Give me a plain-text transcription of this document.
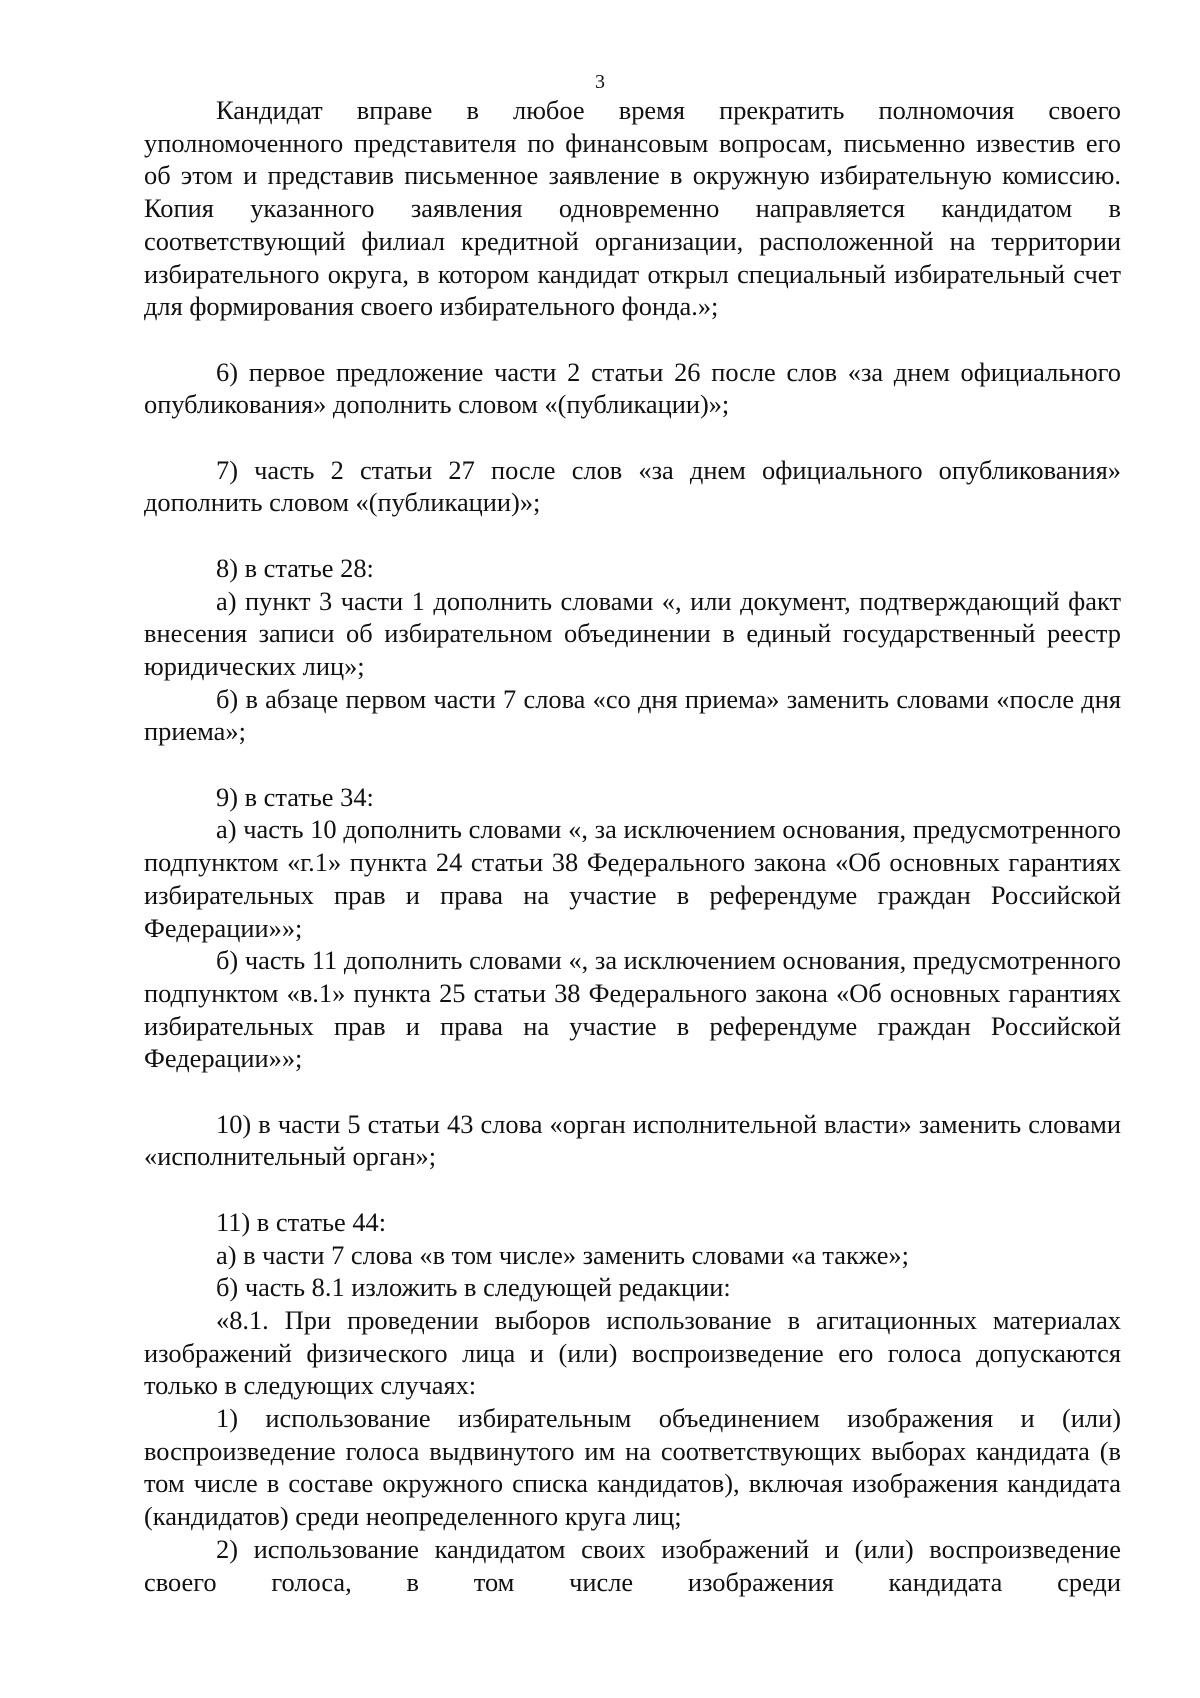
3

Кандидат вправе в любое время прекратить полномочия своего уполномоченного представителя по финансовым вопросам, письменно известив его об этом и представив письменное заявление в окружную избирательную комиссию. Копия указанного заявления одновременно направляется кандидатом в соответствующий филиал кредитной организации, расположенной на территории избирательного округа, в котором кандидат открыл специальный избирательный счет для формирования своего избирательного фонда.»;

6) первое предложение части 2 статьи 26 после слов «за днем официального опубликования» дополнить словом «(публикации)»;

7) часть 2 статьи 27 после слов «за днем официального опубликования» дополнить словом «(публикации)»;

8) в статье 28:

а) пункт 3 части 1 дополнить словами «, или документ, подтверждающий факт внесения записи об избирательном объединении в единый государственный реестр юридических лиц»;

б) в абзаце первом части 7 слова «со дня приема» заменить словами «после дня приема»;

9) в статье 34:

а) часть 10 дополнить словами «, за исключением основания, предусмотренного подпунктом «г.1» пункта 24 статьи 38 Федерального закона «Об основных гарантиях избирательных прав и права на участие в референдуме граждан Российской Федерации»»;

б) часть 11 дополнить словами «, за исключением основания, предусмотренного подпунктом «в.1» пункта 25 статьи 38 Федерального закона «Об основных гарантиях избирательных прав и права на участие в референдуме граждан Российской Федерации»»;

10) в части 5 статьи 43 слова «орган исполнительной власти» заменить словами «исполнительный орган»;

11) в статье 44:

а) в части 7 слова «в том числе» заменить словами «а также»;

б) часть 8.1 изложить в следующей редакции:

«8.1. При проведении выборов использование в агитационных материалах изображений физического лица и (или) воспроизведение его голоса допускаются только в следующих случаях:

1) использование избирательным объединением изображения и (или) воспроизведение голоса выдвинутого им на соответствующих выборах кандидата (в том числе в составе окружного списка кандидатов), включая изображения кандидата (кандидатов) среди неопределенного круга лиц;

2) использование кандидатом своих изображений и (или) воспроизведение своего голоса, в том числе изображения кандидата среди
